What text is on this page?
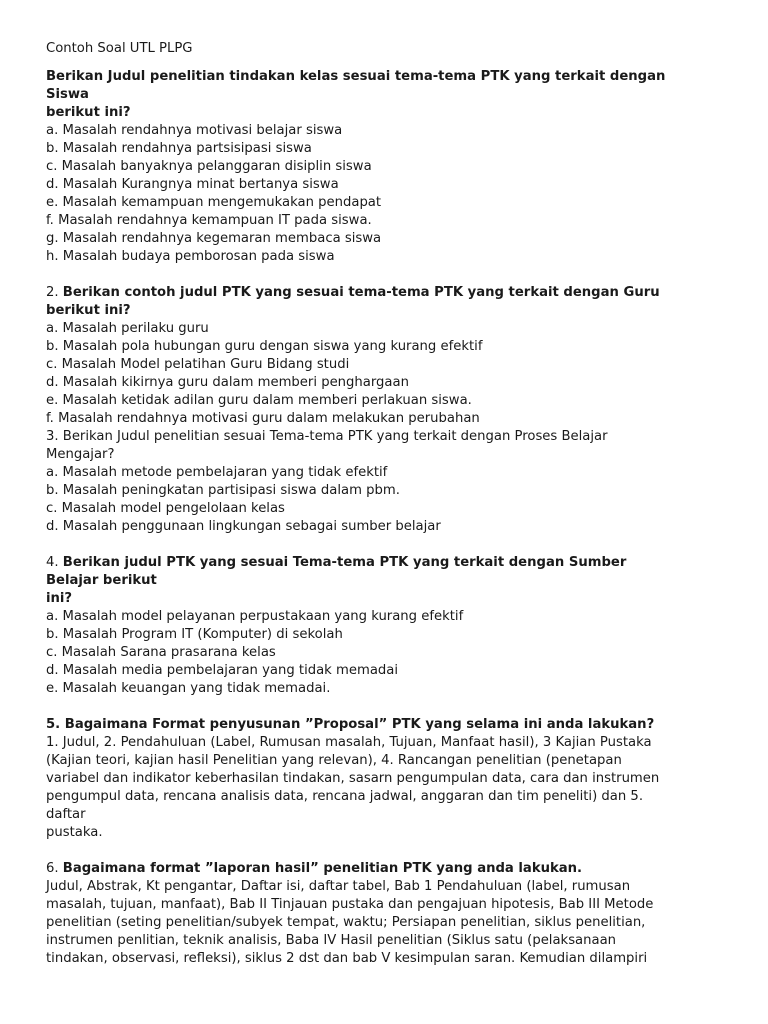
Contoh Soal UTL PLPG
Berikan Judul penelitian tindakan kelas sesuai tema-tema PTK yang terkait dengan
Siswa
berikut ini?
a. Masalah rendahnya motivasi belajar siswa
b. Masalah rendahnya partsisipasi siswa
c. Masalah banyaknya pelanggaran disiplin siswa
d. Masalah Kurangnya minat bertanya siswa
e. Masalah kemampuan mengemukakan pendapat
f. Masalah rendahnya kemampuan IT pada siswa.
g. Masalah rendahnya kegemaran membaca siswa
h. Masalah budaya pemborosan pada siswa
2. Berikan contoh judul PTK yang sesuai tema-tema PTK yang terkait dengan Guru
berikut ini?
a. Masalah perilaku guru
b. Masalah pola hubungan guru dengan siswa yang kurang efektif
c. Masalah Model pelatihan Guru Bidang studi
d. Masalah kikirnya guru dalam memberi penghargaan
e. Masalah ketidak adilan guru dalam memberi perlakuan siswa.
f. Masalah rendahnya motivasi guru dalam melakukan perubahan
3. Berikan Judul penelitian sesuai Tema-tema PTK yang terkait dengan Proses Belajar
Mengajar?
a. Masalah metode pembelajaran yang tidak efektif
b. Masalah peningkatan partisipasi siswa dalam pbm.
c. Masalah model pengelolaan kelas
d. Masalah penggunaan lingkungan sebagai sumber belajar
4. Berikan judul PTK yang sesuai Tema-tema PTK yang terkait dengan Sumber
Belajar berikut
ini?
a. Masalah model pelayanan perpustakaan yang kurang efektif
b. Masalah Program IT (Komputer) di sekolah
c. Masalah Sarana prasarana kelas
d. Masalah media pembelajaran yang tidak memadai
e. Masalah keuangan yang tidak memadai.
5. Bagaimana Format penyusunan ”Proposal” PTK yang selama ini anda lakukan?
1. Judul, 2. Pendahuluan (Label, Rumusan masalah, Tujuan, Manfaat hasil), 3 Kajian Pustaka
(Kajian teori, kajian hasil Penelitian yang relevan), 4. Rancangan penelitian (penetapan
variabel dan indikator keberhasilan tindakan, sasarn pengumpulan data, cara dan instrumen
pengumpul data, rencana analisis data, rencana jadwal, anggaran dan tim peneliti) dan 5.
daftar
pustaka.
6. Bagaimana format ”laporan hasil” penelitian PTK yang anda lakukan.
Judul, Abstrak, Kt pengantar, Daftar isi, daftar tabel, Bab 1 Pendahuluan (label, rumusan
masalah, tujuan, manfaat), Bab II Tinjauan pustaka dan pengajuan hipotesis, Bab III Metode
penelitian (seting penelitian/subyek tempat, waktu; Persiapan penelitian, siklus penelitian,
instrumen penlitian, teknik analisis, Baba IV Hasil penelitian (Siklus satu (pelaksanaan
tindakan, observasi, refleksi), siklus 2 dst dan bab V kesimpulan saran. Kemudian dilampiri
